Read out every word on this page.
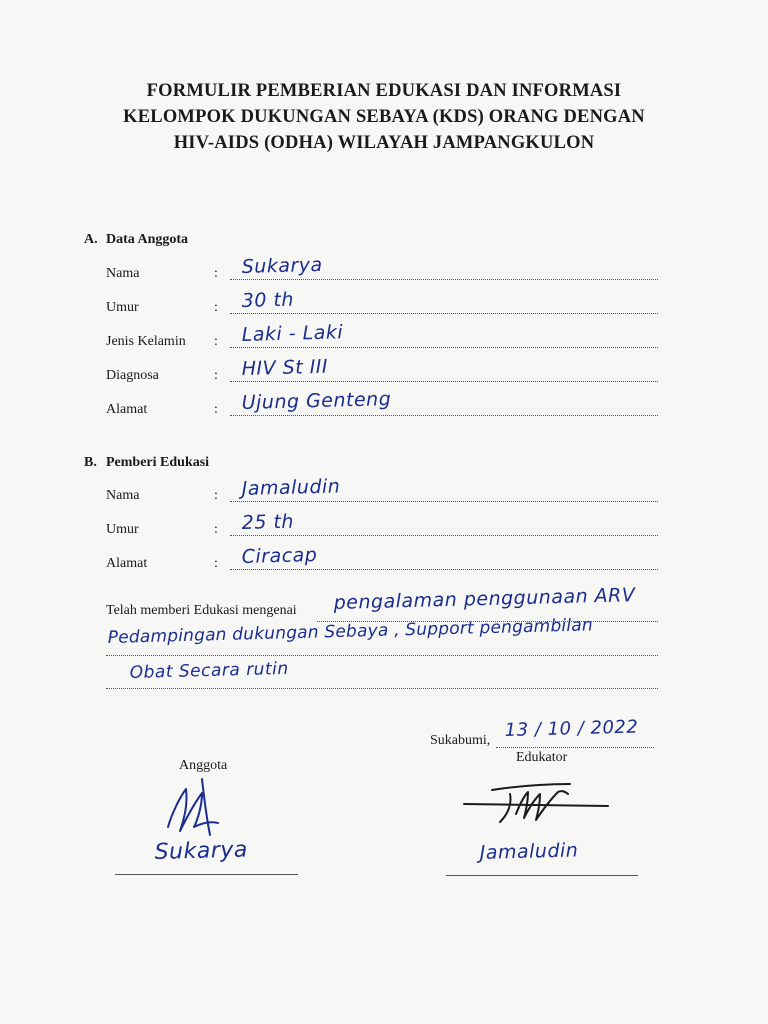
FORMULIR PEMBERIAN EDUKASI DAN INFORMASI
KELOMPOK DUKUNGAN SEBAYA (KDS) ORANG DENGAN
HIV-AIDS (ODHA) WILAYAH JAMPANGKULON
A. Data Anggota
Nama	: Sukarya
Umur	: 30 th
Jenis Kelamin : Laki - Laki
Diagnosa	: HIV St III
Alamat	: Ujung Genteng
B. Pemberi Edukasi
Nama	: Jamaludin
Umur	: 25 th
Alamat	: Ciracap
Telah memberi Edukasi mengenai pengalaman penggunaan ARV
Pedampingan dukungan Sebaya , Support pengambilan
Obat Secara rutin
Sukabumi, 13 / 10 / 2022
Anggota
Sukarya
Edukator
Jamaludin
